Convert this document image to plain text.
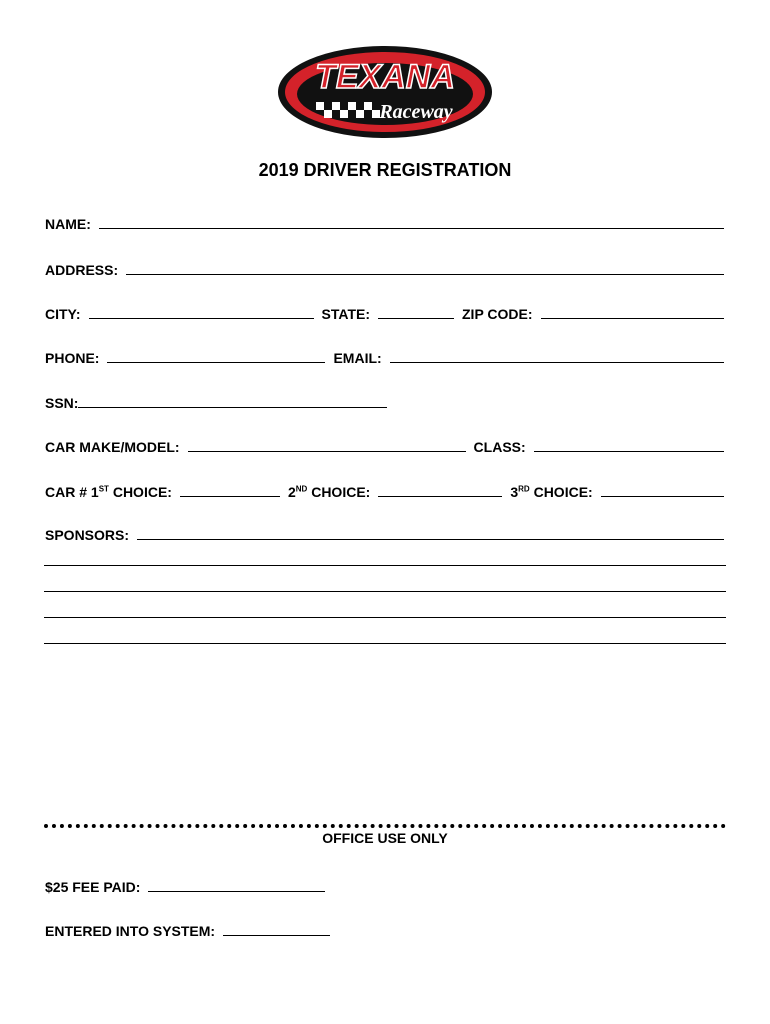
TEXANA
Raceway
2019 DRIVER REGISTRATION
NAME:
ADDRESS:
CITY:	STATE:	ZIP CODE:
PHONE:	EMAIL:
SSN:
CAR MAKE/MODEL:	CLASS:
CAR # 1ST CHOICE:	2ND CHOICE:	3RD CHOICE:
SPONSORS:
OFFICE USE ONLY
$25 FEE PAID:
ENTERED INTO SYSTEM:
